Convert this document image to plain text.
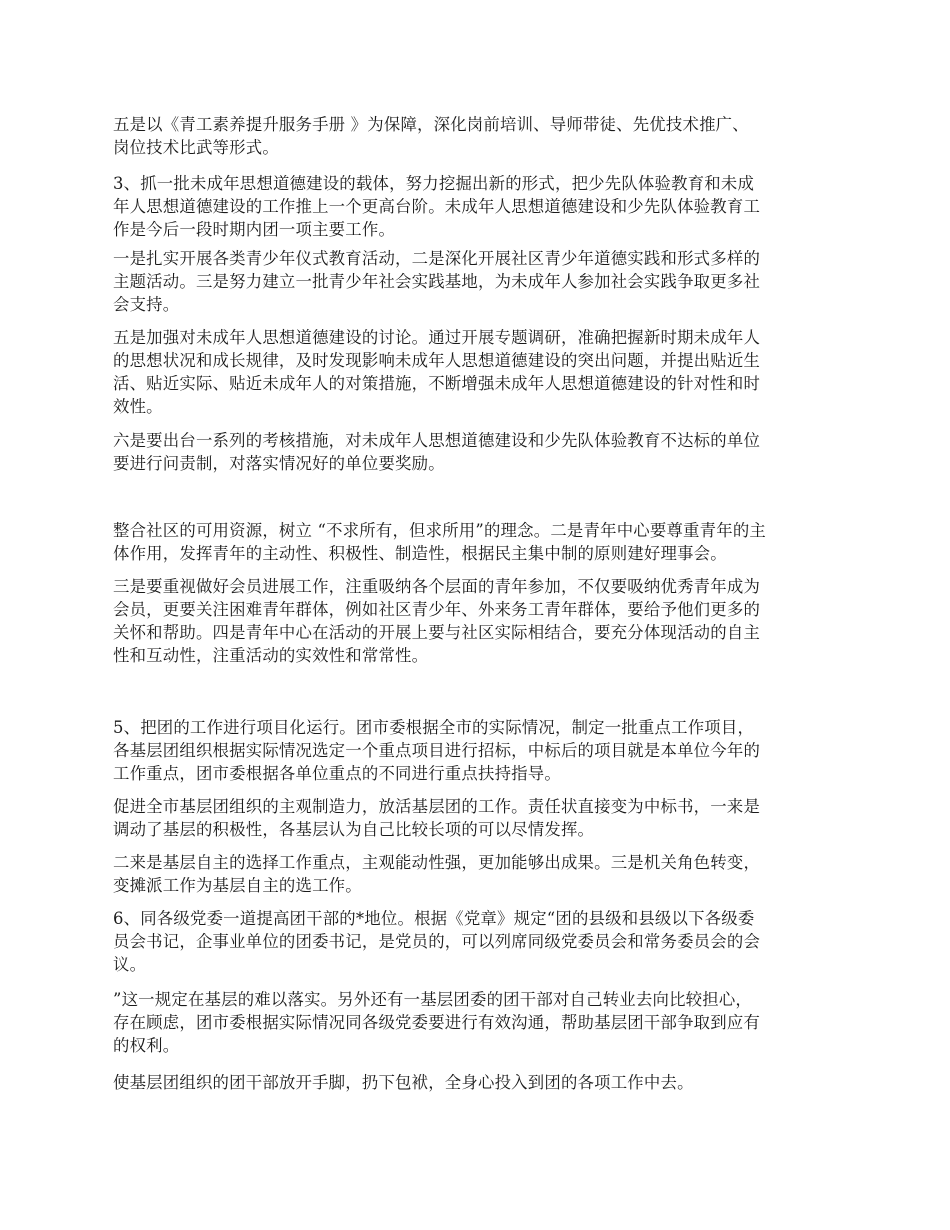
五是以《青工素养提升服务手册 》为保障，深化岗前培训、导师带徒、先优技术推广、
岗位技术比武等形式。

3、抓一批未成年思想道德建设的载体，努力挖掘出新的形式，把少先队体验教育和未成
年人思想道德建设的工作推上一个更高台阶。未成年人思想道德建设和少先队体验教育工
作是今后一段时期内团一项主要工作。

一是扎实开展各类青少年仪式教育活动，二是深化开展社区青少年道德实践和形式多样的
主题活动。三是努力建立一批青少年社会实践基地，为未成年人参加社会实践争取更多社
会支持。

五是加强对未成年人思想道德建设的讨论。通过开展专题调研，准确把握新时期未成年人
的思想状况和成长规律，及时发现影响未成年人思想道德建设的突出问题，并提出贴近生
活、贴近实际、贴近未成年人的对策措施，不断增强未成年人思想道德建设的针对性和时
效性。

六是要出台一系列的考核措施，对未成年人思想道德建设和少先队体验教育不达标的单位
要进行问责制，对落实情况好的单位要奖励。

整合社区的可用资源，树立 “不求所有，但求所用”的理念。二是青年中心要尊重青年的主
体作用，发挥青年的主动性、积极性、制造性，根据民主集中制的原则建好理事会。

三是要重视做好会员进展工作，注重吸纳各个层面的青年参加，不仅要吸纳优秀青年成为
会员，更要关注困难青年群体，例如社区青少年、外来务工青年群体，要给予他们更多的
关怀和帮助。四是青年中心在活动的开展上要与社区实际相结合，要充分体现活动的自主
性和互动性，注重活动的实效性和常常性。

5、把团的工作进行项目化运行。团市委根据全市的实际情况，制定一批重点工作项目，
各基层团组织根据实际情况选定一个重点项目进行招标，中标后的项目就是本单位今年的
工作重点，团市委根据各单位重点的不同进行重点扶持指导。

促进全市基层团组织的主观制造力，放活基层团的工作。责任状直接变为中标书，一来是
调动了基层的积极性，各基层认为自己比较长项的可以尽情发挥。

二来是基层自主的选择工作重点，主观能动性强，更加能够出成果。三是机关角色转变，
变摊派工作为基层自主的选工作。

6、同各级党委一道提高团干部的*地位。根据《党章》规定“团的县级和县级以下各级委
员会书记，企事业单位的团委书记，是党员的，可以列席同级党委员会和常务委员会的会
议。

”这一规定在基层的难以落实。另外还有一基层团委的团干部对自己转业去向比较担心，
存在顾虑，团市委根据实际情况同各级党委要进行有效沟通，帮助基层团干部争取到应有
的权利。

使基层团组织的团干部放开手脚，扔下包袱，全身心投入到团的各项工作中去。
